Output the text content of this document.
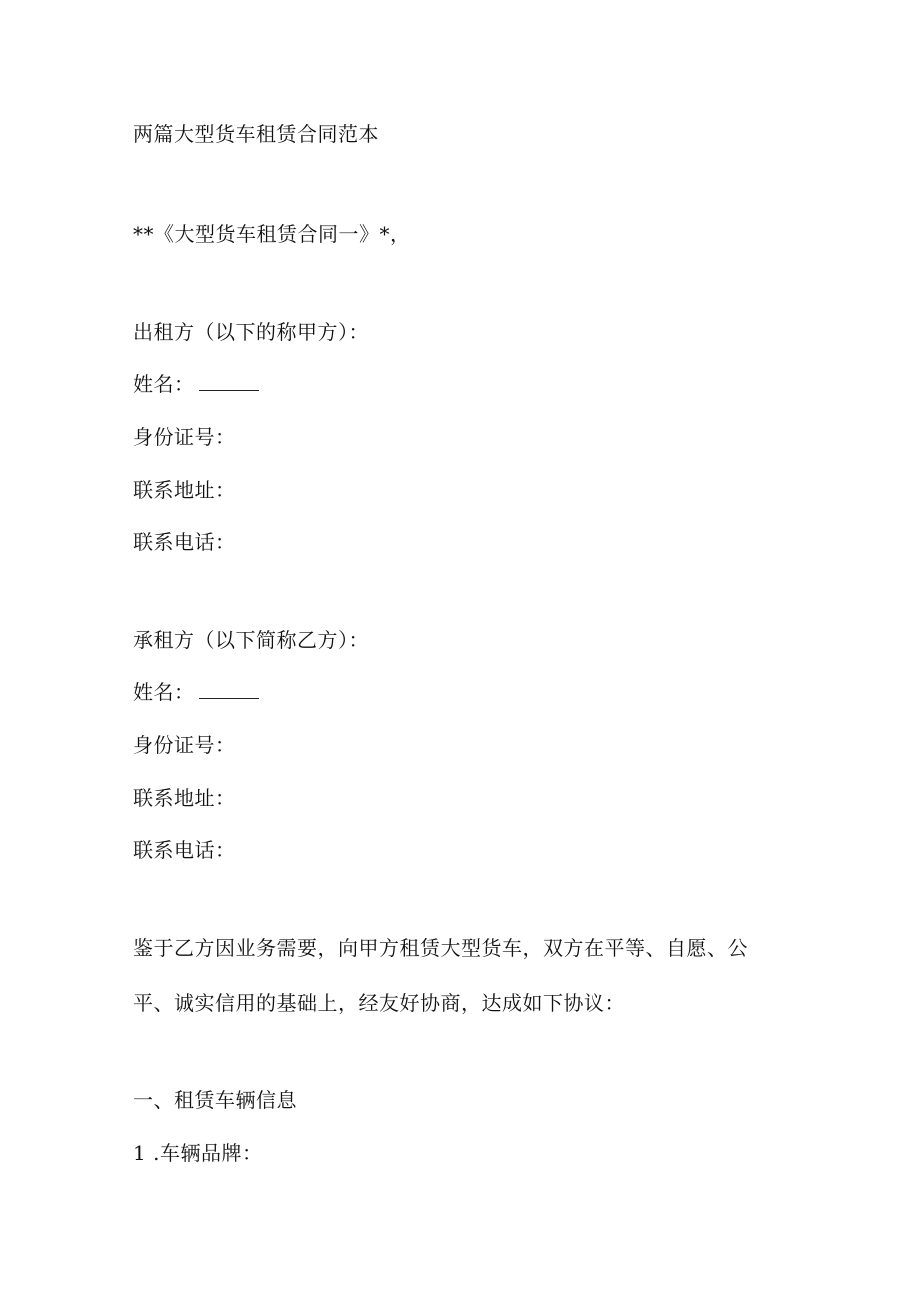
两篇大型货车租赁合同范本
**《大型货车租赁合同一》*，
出租方（以下的称甲方）：
姓名：
身份证号：
联系地址：
联系电话：
承租方（以下简称乙方）：
姓名：
身份证号：
联系地址：
联系电话：
鉴于乙方因业务需要，向甲方租赁大型货车，双方在平等、自愿、公
平、诚实信用的基础上，经友好协商，达成如下协议：
一、租赁车辆信息
1 .车辆品牌：
